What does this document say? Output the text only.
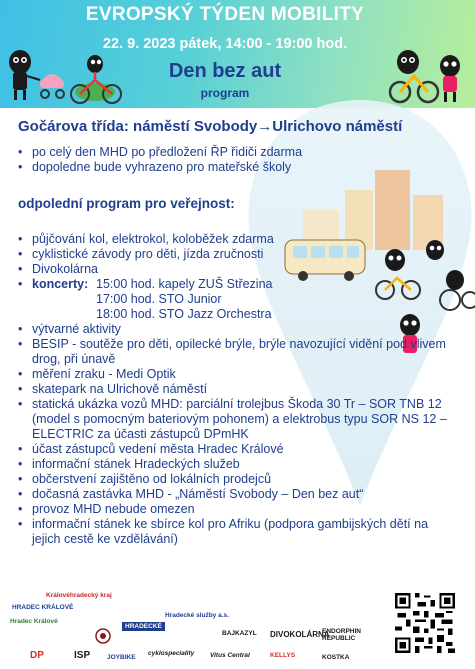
EVROPSKÝ TÝDEN MOBILITY
22. 9. 2023 pátek, 14:00 - 19:00 hod.
Den bez aut
program
Gočárova třída: náměstí Svobody→Ulrichovo náměstí
• po celý den MHD po předložení ŘP řidiči zdarma
• dopoledne bude vyhrazeno pro mateřské školy
odpolední program pro veřejnost:
• půjčování kol, elektrokol, koloběžek zdarma
• cyklistické závody pro děti, jízda zručnosti
• Divokolárna
• koncerty: 15:00 hod. kapely ZUŠ Střezina
17:00 hod. STO Junior
18:00 hod. STO Jazz Orchestra
• výtvarné aktivity
• BESIP - soutěže pro děti, opilecké brýle, brýle navozující vidění pod vlivem drog, při únavě
• měření zraku - Medi Optik
• skatepark na Ulrichově náměstí
• statická ukázka vozů MHD: parciální trolejbus Škoda 30 Tr – SOR TNB 12 (model s pomocným bateriovým pohonem) a elektrobus typu SOR NS 12 – ELECTRIC za účasti zástupců DPmHK
• účast zástupců vedení města Hradec Králové
• informační stánek Hradeckých služeb
• občerstvení zajištěno od lokálních prodejců
• dočasná zastávka MHD - „Náměstí Svobody – Den bez aut“
• provoz MHD nebude omezen
• informační stánek ke sbírce kol pro Afriku (podpora gambijských dětí na jejich cestě ke vzdělávání)
HRADEC KRÁLOVÉ
Královéhradecký kraj
Hradec Králové
HRADECKÉ
Hradecké služby a.s.
DP	ISP	JOYBIKE
cyklospeciality Vitus Central
BAJKAZYL DIVOKOLÁRNA
KELLYS
ENDORPHIN REPUBLIC
KOSTKA
